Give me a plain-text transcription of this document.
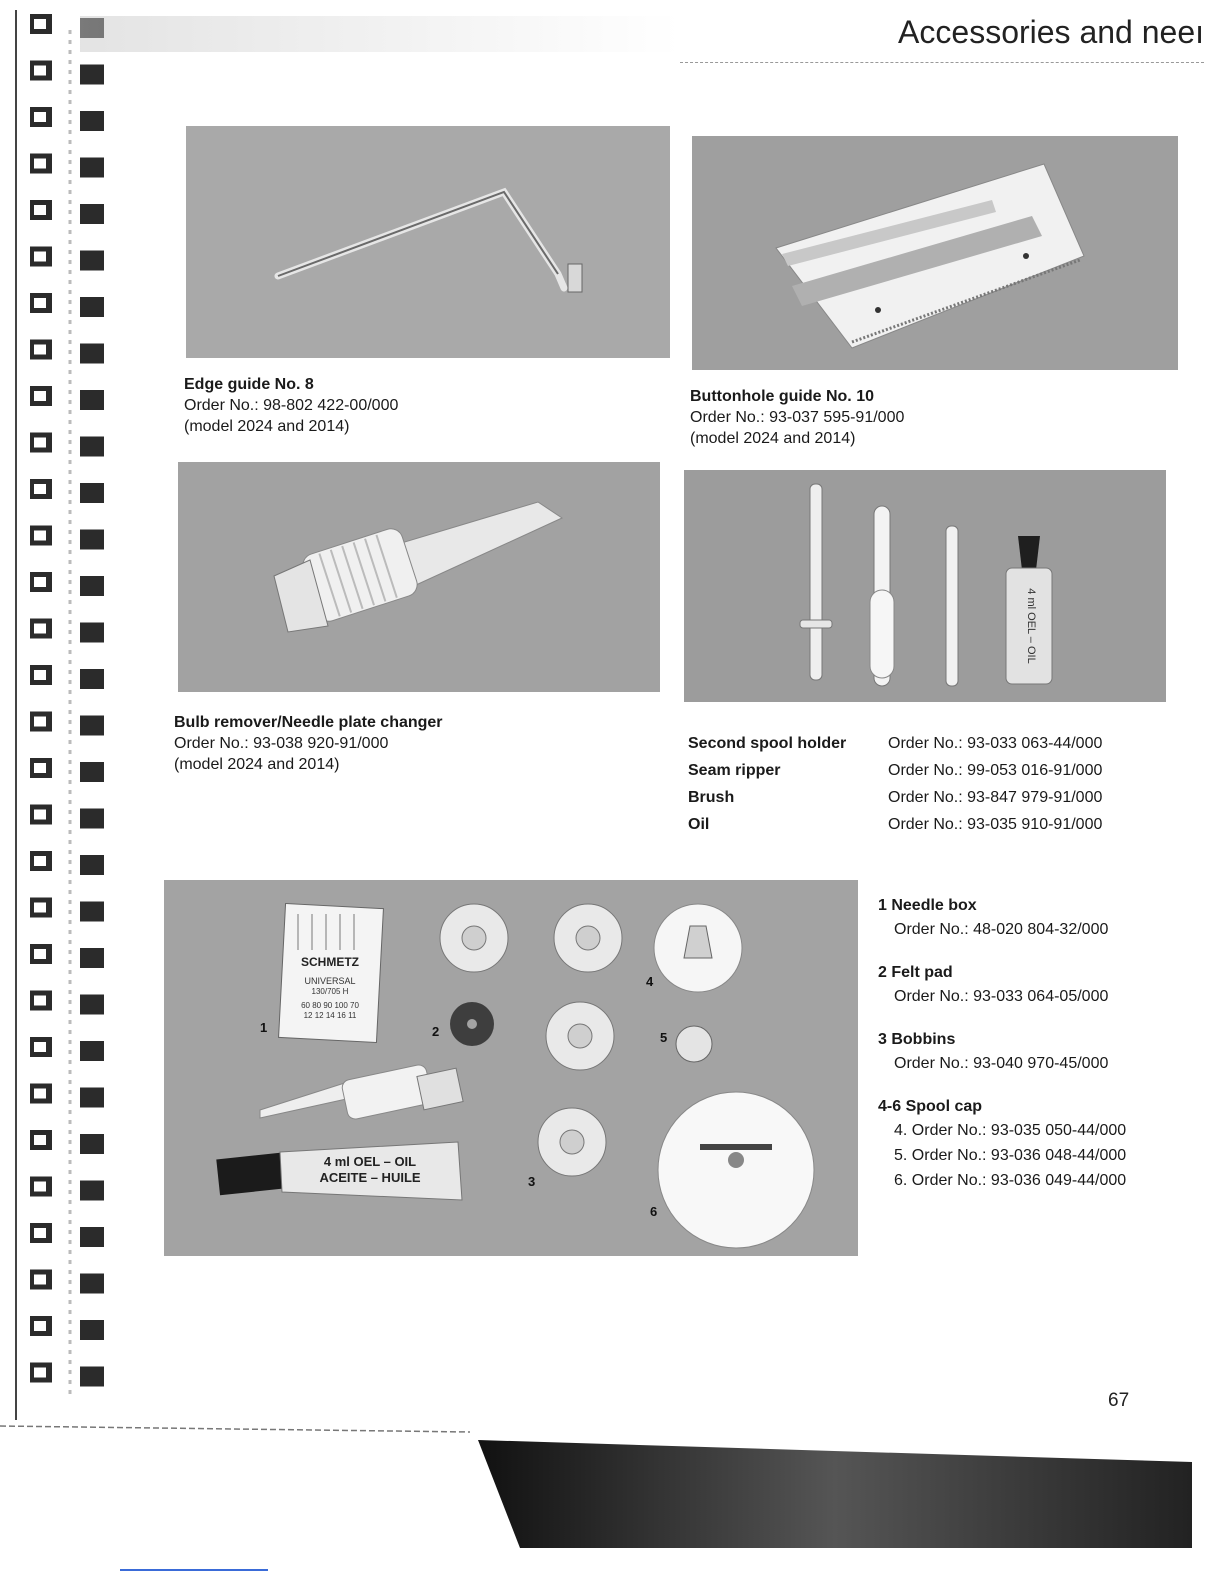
Accessories and neeı
Edge guide No. 8
Order No.: 98-802 422-00/000
(model 2024 and 2014)
Buttonhole guide No. 10
Order No.: 93-037 595-91/000
(model 2024 and 2014)
Bulb remover/Needle plate changer
Order No.: 93-038 920-91/000
(model 2024 and 2014)
4 ml OEL – OIL
Second spool holder	Order No.: 93-033 063-44/000
Seam ripper	Order No.: 99-053 016-91/000
Brush	Order No.: 93-847 979-91/000
Oil	Order No.: 93-035 910-91/000
SCHMETZ
UNIVERSAL
130/705 H
60 80 90 100 70
12 12 14 16 11
1	2
3
4
5
6
4 ml OEL – OIL
ACEITE – HUILE
1 Needle box
Order No.: 48-020 804-32/000
2 Felt pad
Order No.: 93-033 064-05/000
3 Bobbins
Order No.: 93-040 970-45/000
4-6 Spool cap
4. Order No.: 93-035 050-44/000
5. Order No.: 93-036 048-44/000
6. Order No.: 93-036 049-44/000
67
